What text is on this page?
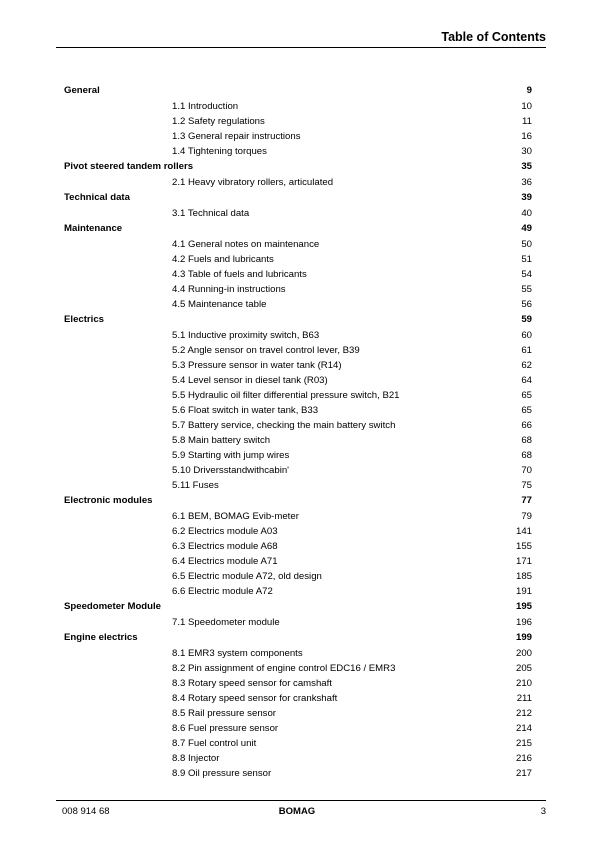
Table of Contents
General	9
1.1 Introduction	10
1.2 Safety regulations	11
1.3 General repair instructions	16
1.4 Tightening torques	30
Pivot steered tandem rollers	35
2.1 Heavy vibratory rollers, articulated	36
Technical data	39
3.1 Technical data	40
Maintenance	49
4.1 General notes on maintenance	50
4.2 Fuels and lubricants	51
4.3 Table of fuels and lubricants	54
4.4 Running-in instructions	55
4.5 Maintenance table	56
Electrics	59
5.1 Inductive proximity switch, B63	60
5.2 Angle sensor on travel control lever, B39	61
5.3 Pressure sensor in water tank (R14)	62
5.4 Level sensor in diesel tank (R03)	64
5.5 Hydraulic oil filter differential pressure switch, B21	65
5.6 Float switch in water tank, B33	65
5.7 Battery service, checking the main battery switch	66
5.8 Main battery switch	68
5.9 Starting with jump wires	68
5.10 Driversstandwithcabin'	70
5.11 Fuses	75
Electronic modules	77
6.1 BEM, BOMAG Evib-meter	79
6.2 Electrics module A03	141
6.3 Electrics module A68	155
6.4 Electrics module A71	171
6.5 Electric module A72, old design	185
6.6 Electric module A72	191
Speedometer Module	195
7.1 Speedometer module	196
Engine electrics	199
8.1 EMR3 system components	200
8.2 Pin assignment of engine control EDC16 / EMR3	205
8.3 Rotary speed sensor for camshaft	210
8.4 Rotary speed sensor for crankshaft	211
8.5 Rail pressure sensor	212
8.6 Fuel pressure sensor	214
8.7 Fuel control unit	215
8.8 Injector	216
8.9 Oil pressure sensor	217
008 914 68	BOMAG	3
